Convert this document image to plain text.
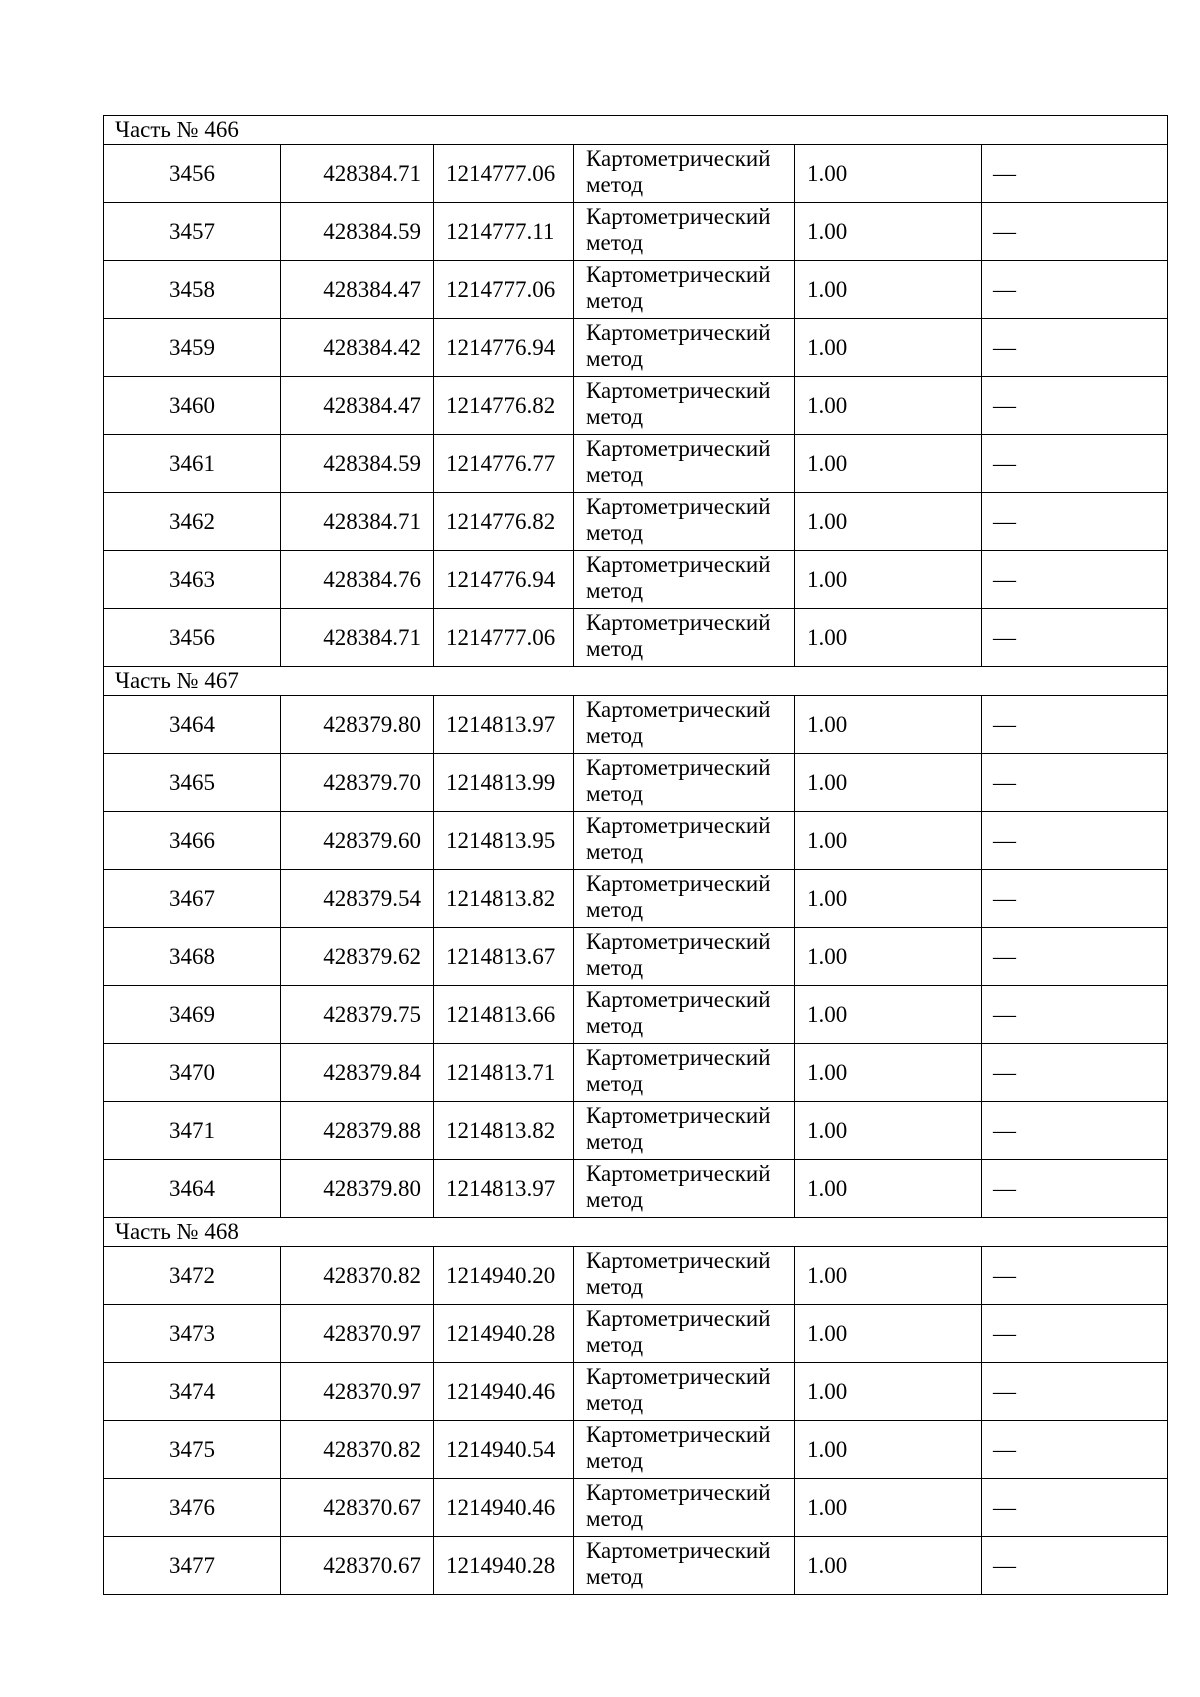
Часть № 466					
3456	428384.71	1214777.06	Картометрический метод	1.00	—
3457	428384.59	1214777.11	Картометрический метод	1.00	—
3458	428384.47	1214777.06	Картометрический метод	1.00	—
3459	428384.42	1214776.94	Картометрический метод	1.00	—
3460	428384.47	1214776.82	Картометрический метод	1.00	—
3461	428384.59	1214776.77	Картометрический метод	1.00	—
3462	428384.71	1214776.82	Картометрический метод	1.00	—
3463	428384.76	1214776.94	Картометрический метод	1.00	—
3456	428384.71	1214777.06	Картометрический метод	1.00	—
Часть № 467					
3464	428379.80	1214813.97	Картометрический метод	1.00	—
3465	428379.70	1214813.99	Картометрический метод	1.00	—
3466	428379.60	1214813.95	Картометрический метод	1.00	—
3467	428379.54	1214813.82	Картометрический метод	1.00	—
3468	428379.62	1214813.67	Картометрический метод	1.00	—
3469	428379.75	1214813.66	Картометрический метод	1.00	—
3470	428379.84	1214813.71	Картометрический метод	1.00	—
3471	428379.88	1214813.82	Картометрический метод	1.00	—
3464	428379.80	1214813.97	Картометрический метод	1.00	—
Часть № 468					
3472	428370.82	1214940.20	Картометрический метод	1.00	—
3473	428370.97	1214940.28	Картометрический метод	1.00	—
3474	428370.97	1214940.46	Картометрический метод	1.00	—
3475	428370.82	1214940.54	Картометрический метод	1.00	—
3476	428370.67	1214940.46	Картометрический метод	1.00	—
3477	428370.67	1214940.28	Картометрический метод	1.00	—
